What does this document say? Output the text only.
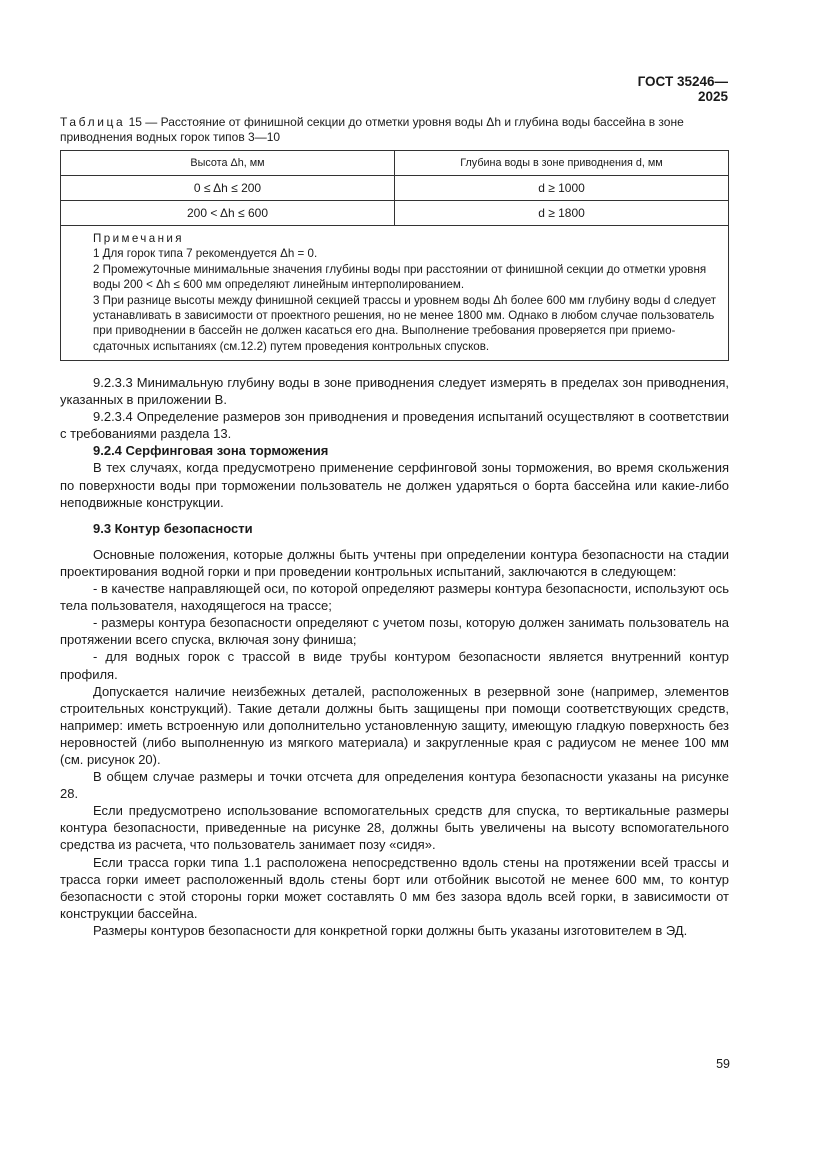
ГОСТ 35246—2025
Таблица 15 — Расстояние от финишной секции до отметки уровня воды Δh и глубина воды бассейна в зоне приводнения водных горок типов 3—10
Высота Δh, мм	Глубина воды в зоне приводнения d, мм
0 ≤ Δh ≤ 200	d ≥ 1000
200 < Δh ≤ 600	d ≥ 1800

Примечания
1 Для горок типа 7 рекомендуется Δh = 0.
2 Промежуточные минимальные значения глубины воды при расстоянии от финишной секции до отметки уровня воды 200 < Δh ≤ 600 мм определяют линейным интерполированием.
3 При разнице высоты между финишной секцией трассы и уровнем воды Δh более 600 мм глубину воды d следует устанавливать в зависимости от проектного решения, но не менее 1800 мм. Однако в любом случае пользователь при приводнении в бассейн не должен касаться его дна. Выполнение требования проверяется при приемо-сдаточных испытаниях (см.12.2) путем проведения контрольных спусков.	

9.2.3.3 Минимальную глубину воды в зоне приводнения следует измерять в пределах зон приводнения, указанных в приложении В.

9.2.3.4 Определение размеров зон приводнения и проведения испытаний осуществляют в соответствии с требованиями раздела 13.

9.2.4 Серфинговая зона торможения

В тех случаях, когда предусмотрено применение серфинговой зоны торможения, во время скольжения по поверхности воды при торможении пользователь не должен ударяться о борта бассейна или какие-либо неподвижные конструкции.

9.3 Контур безопасности

Основные положения, которые должны быть учтены при определении контура безопасности на стадии проектирования водной горки и при проведении контрольных испытаний, заключаются в следующем:

- в качестве направляющей оси, по которой определяют размеры контура безопасности, используют ось тела пользователя, находящегося на трассе;

- размеры контура безопасности определяют с учетом позы, которую должен занимать пользователь на протяжении всего спуска, включая зону финиша;

- для водных горок с трассой в виде трубы контуром безопасности является внутренний контур профиля.

Допускается наличие неизбежных деталей, расположенных в резервной зоне (например, элементов строительных конструкций). Такие детали должны быть защищены при помощи соответствующих средств, например: иметь встроенную или дополнительно установленную защиту, имеющую гладкую поверхность без неровностей (либо выполненную из мягкого материала) и закругленные края с радиусом не менее 100 мм (см. рисунок 20).

В общем случае размеры и точки отсчета для определения контура безопасности указаны на рисунке 28.

Если предусмотрено использование вспомогательных средств для спуска, то вертикальные размеры контура безопасности, приведенные на рисунке 28, должны быть увеличены на высоту вспомогательного средства из расчета, что пользователь занимает позу «сидя».

Если трасса горки типа 1.1 расположена непосредственно вдоль стены на протяжении всей трассы и трасса горки имеет расположенный вдоль стены борт или отбойник высотой не менее 600 мм, то контур безопасности с этой стороны горки может составлять 0 мм без зазора вдоль всей горки, в зависимости от конструкции бассейна.

Размеры контуров безопасности для конкретной горки должны быть указаны изготовителем в ЭД.

59
